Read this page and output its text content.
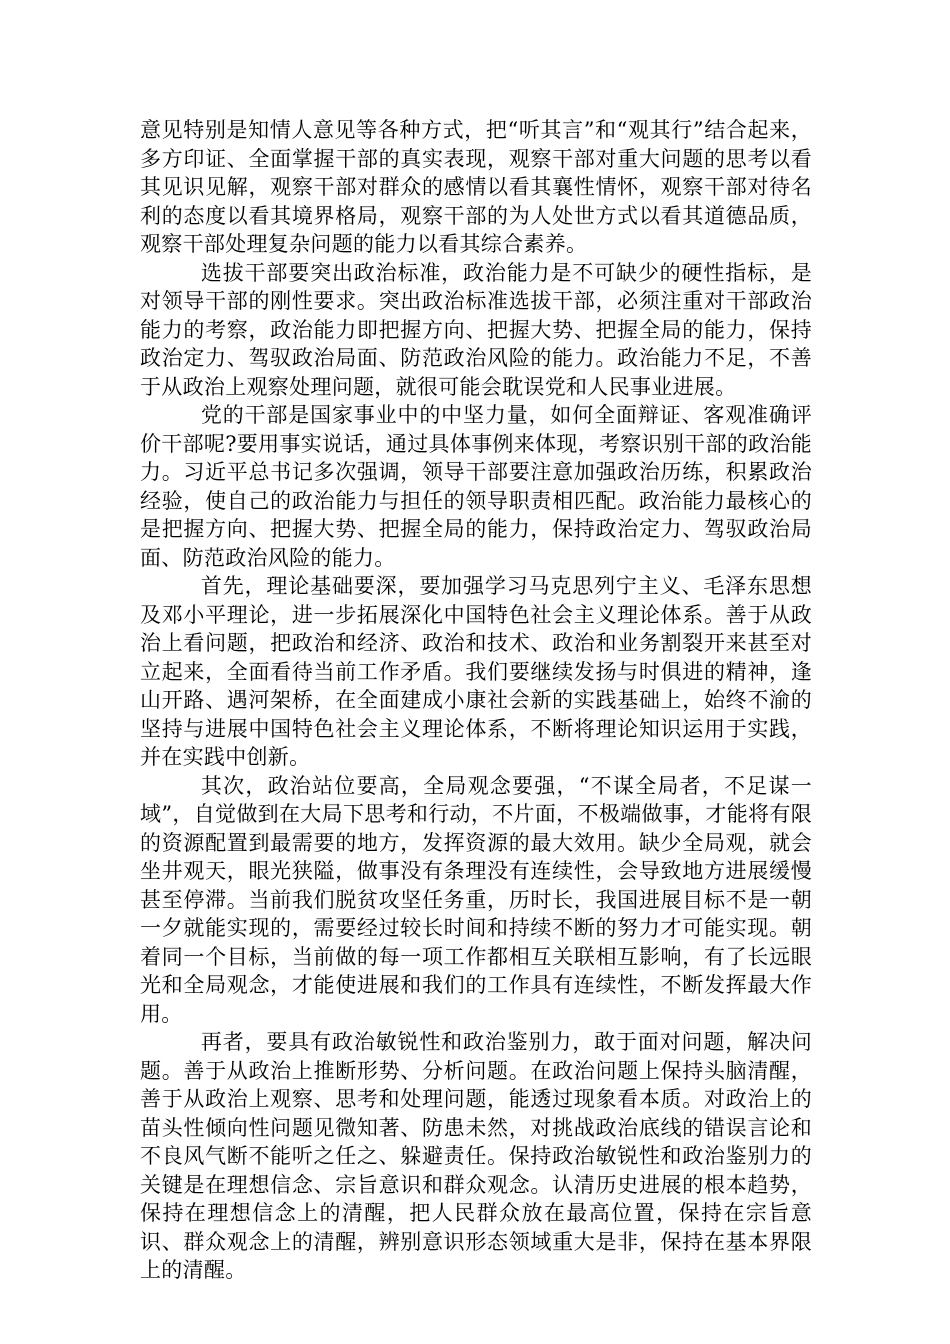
意见特别是知情人意见等各种方式，把“听其言”和“观其行”结合起来，多方印证、全面掌握干部的真实表现，观察干部对重大问题的思考以看其见识见解，观察干部对群众的感情以看其襄性情怀，观察干部对待名利的态度以看其境界格局，观察干部的为人处世方式以看其道德品质，观察干部处理复杂问题的能力以看其综合素养。

选拔干部要突出政治标准，政治能力是不可缺少的硬性指标，是对领导干部的刚性要求。突出政治标准选拔干部，必须注重对干部政治能力的考察，政治能力即把握方向、把握大势、把握全局的能力，保持政治定力、驾驭政治局面、防范政治风险的能力。政治能力不足，不善于从政治上观察处理问题，就很可能会耽误党和人民事业进展。

党的干部是国家事业中的中坚力量，如何全面辩证、客观准确评价干部呢?要用事实说话，通过具体事例来体现，考察识别干部的政治能力。习近平总书记多次强调，领导干部要注意加强政治历练，积累政治经验，使自己的政治能力与担任的领导职责相匹配。政治能力最核心的是把握方向、把握大势、把握全局的能力，保持政治定力、驾驭政治局面、防范政治风险的能力。

首先，理论基础要深，要加强学习马克思列宁主义、毛泽东思想及邓小平理论，进一步拓展深化中国特色社会主义理论体系。善于从政治上看问题，把政治和经济、政治和技术、政治和业务割裂开来甚至对立起来，全面看待当前工作矛盾。我们要继续发扬与时俱进的精神，逢山开路、遇河架桥，在全面建成小康社会新的实践基础上，始终不渝的坚持与进展中国特色社会主义理论体系，不断将理论知识运用于实践，并在实践中创新。

其次，政治站位要高，全局观念要强，“不谋全局者，不足谋一域”，自觉做到在大局下思考和行动，不片面，不极端做事，才能将有限的资源配置到最需要的地方，发挥资源的最大效用。缺少全局观，就会坐井观天，眼光狭隘，做事没有条理没有连续性，会导致地方进展缓慢甚至停滞。当前我们脱贫攻坚任务重，历时长，我国进展目标不是一朝一夕就能实现的，需要经过较长时间和持续不断的努力才可能实现。朝着同一个目标，当前做的每一项工作都相互关联相互影响，有了长远眼光和全局观念，才能使进展和我们的工作具有连续性，不断发挥最大作用。

再者，要具有政治敏锐性和政治鉴别力，敢于面对问题，解决问题。善于从政治上推断形势、分析问题。在政治问题上保持头脑清醒，善于从政治上观察、思考和处理问题，能透过现象看本质。对政治上的苗头性倾向性问题见微知著、防患未然，对挑战政治底线的错误言论和不良风气断不能听之任之、躲避责任。保持政治敏锐性和政治鉴别力的关键是在理想信念、宗旨意识和群众观念。认清历史进展的根本趋势，保持在理想信念上的清醒，把人民群众放在最高位置，保持在宗旨意识、群众观念上的清醒，辨别意识形态领域重大是非，保持在基本界限上的清醒。
